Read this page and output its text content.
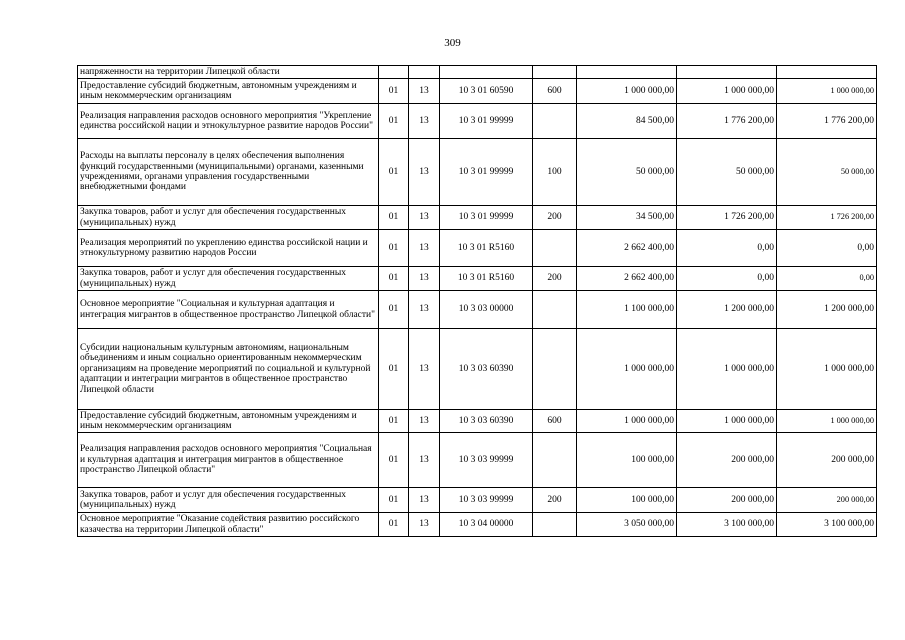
309
напряженности на территории Липецкой области							
Предоставление субсидий бюджетным, автономным учреждениям и иным некоммерческим организациям	01	13	10 3 01 60590	600	1 000 000,00	1 000 000,00	1 000 000,00
Реализация направления расходов основного мероприятия "Укрепление единства российской нации и этнокультурное развитие народов России"	01	13	10 3 01 99999		84 500,00	1 776 200,00	1 776 200,00
Расходы на выплаты персоналу в целях обеспечения выполнения функций государственными (муниципальными) органами, казенными учреждениями, органами управления государственными внебюджетными фондами	01	13	10 3 01 99999	100	50 000,00	50 000,00	50 000,00
Закупка товаров, работ и услуг для обеспечения государственных (муниципальных) нужд	01	13	10 3 01 99999	200	34 500,00	1 726 200,00	1 726 200,00
Реализация мероприятий по укреплению единства российской нации и этнокультурному развитию народов России	01	13	10 3 01 R5160		2 662 400,00	0,00	0,00
Закупка товаров, работ и услуг для обеспечения государственных (муниципальных) нужд	01	13	10 3 01 R5160	200	2 662 400,00	0,00	0,00
Основное мероприятие "Социальная и культурная адаптация и интеграция мигрантов в общественное пространство Липецкой области"	01	13	10 3 03 00000		1 100 000,00	1 200 000,00	1 200 000,00
Субсидии национальным культурным автономиям, национальным объединениям и иным социально ориентированным некоммерческим организациям на проведение мероприятий по социальной и культурной адаптации и интеграции мигрантов в общественное пространство Липецкой области	01	13	10 3 03 60390		1 000 000,00	1 000 000,00	1 000 000,00
Предоставление субсидий бюджетным, автономным учреждениям и иным некоммерческим организациям	01	13	10 3 03 60390	600	1 000 000,00	1 000 000,00	1 000 000,00
Реализация направления расходов основного мероприятия "Социальная и культурная адаптация и интеграция мигрантов в общественное пространство Липецкой области"	01	13	10 3 03 99999		100 000,00	200 000,00	200 000,00
Закупка товаров, работ и услуг для обеспечения государственных (муниципальных) нужд	01	13	10 3 03 99999	200	100 000,00	200 000,00	200 000,00
Основное мероприятие "Оказание содействия развитию российского казачества на территории Липецкой области"	01	13	10 3 04 00000		3 050 000,00	3 100 000,00	3 100 000,00
